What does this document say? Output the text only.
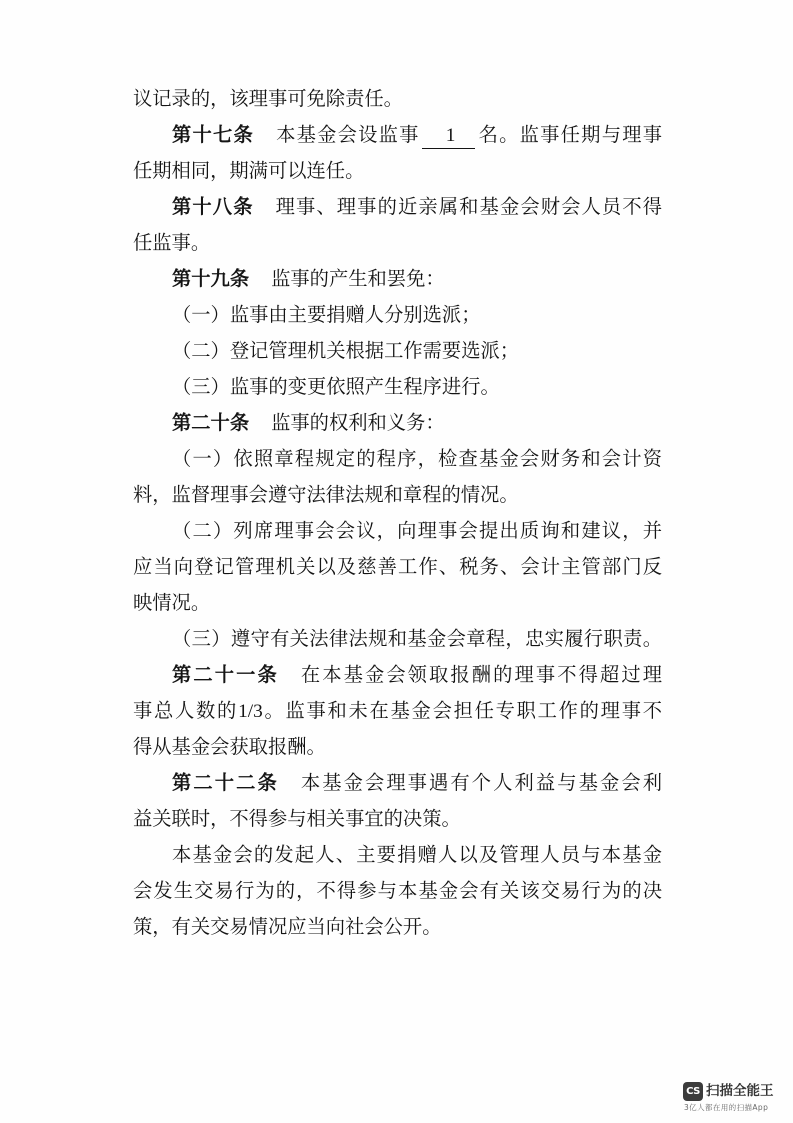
议记录的，该理事可免除责任。
第十七条 本基金会设监事 1 名。监事任期与理事
任期相同，期满可以连任。
第十八条 理事、理事的近亲属和基金会财会人员不得
任监事。
第十九条 监事的产生和罢免：
（一）监事由主要捐赠人分别选派；
（二）登记管理机关根据工作需要选派；
（三）监事的变更依照产生程序进行。
第二十条 监事的权利和义务：
（一）依照章程规定的程序，检查基金会财务和会计资
料，监督理事会遵守法律法规和章程的情况。
（二）列席理事会会议，向理事会提出质询和建议，并
应当向登记管理机关以及慈善工作、税务、会计主管部门反
映情况。
（三）遵守有关法律法规和基金会章程，忠实履行职责。
第二十一条 在本基金会领取报酬的理事不得超过理
事总人数的1/3。监事和未在基金会担任专职工作的理事不
得从基金会获取报酬。
第二十二条 本基金会理事遇有个人利益与基金会利
益关联时，不得参与相关事宜的决策。
本基金会的发起人、主要捐赠人以及管理人员与本基金
会发生交易行为的，不得参与本基金会有关该交易行为的决
策，有关交易情况应当向社会公开。
CS 扫描全能王
3亿人都在用的扫描App
